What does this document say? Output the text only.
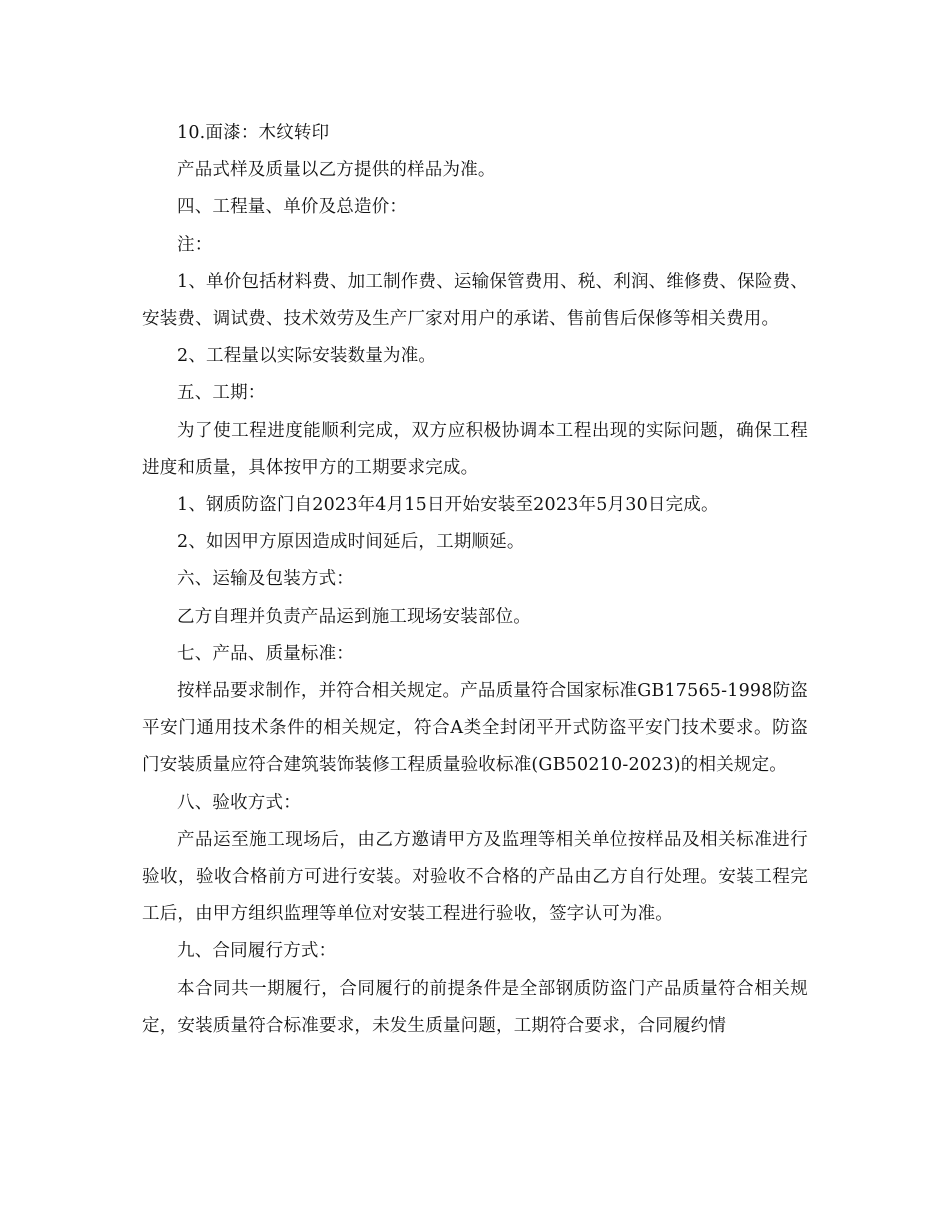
10.面漆：木纹转印

产品式样及质量以乙方提供的样品为准。

四、工程量、单价及总造价：

注：

1、单价包括材料费、加工制作费、运输保管费用、税、利润、维修费、保险费、安装费、调试费、技术效劳及生产厂家对用户的承诺、售前售后保修等相关费用。

2、工程量以实际安装数量为准。

五、工期：

为了使工程进度能顺利完成，双方应积极协调本工程出现的实际问题，确保工程进度和质量，具体按甲方的工期要求完成。

1、钢质防盗门自2023年4月15日开始安装至2023年5月30日完成。

2、如因甲方原因造成时间延后，工期顺延。

六、运输及包装方式：

乙方自理并负责产品运到施工现场安装部位。

七、产品、质量标准：

按样品要求制作，并符合相关规定。产品质量符合国家标准GB17565-1998防盗平安门通用技术条件的相关规定，符合A类全封闭平开式防盗平安门技术要求。防盗门安装质量应符合建筑装饰装修工程质量验收标准(GB50210-2023)的相关规定。

八、验收方式：

产品运至施工现场后，由乙方邀请甲方及监理等相关单位按样品及相关标准进行验收，验收合格前方可进行安装。对验收不合格的产品由乙方自行处理。安装工程完工后，由甲方组织监理等单位对安装工程进行验收，签字认可为准。

九、合同履行方式：

本合同共一期履行，合同履行的前提条件是全部钢质防盗门产品质量符合相关规定，安装质量符合标准要求，未发生质量问题，工期符合要求，合同履约情
